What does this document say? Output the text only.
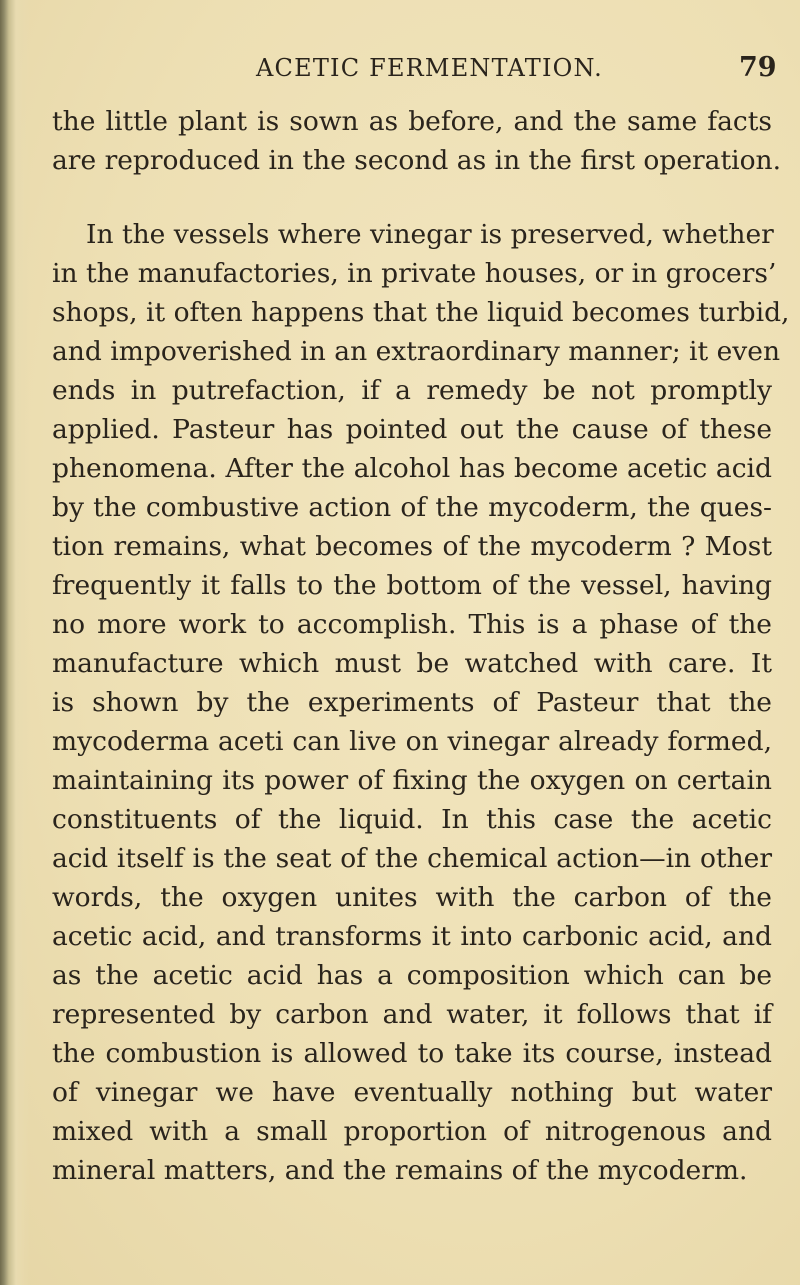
ACETIC FERMENTATION.	79
the little plant is sown as before, and the same facts
are reproduced in the second as in the first operation.
In the vessels where vinegar is preserved, whether
in the manufactories, in private houses, or in grocers’
shops, it often happens that the liquid becomes turbid,
and impoverished in an extraordinary manner; it even
ends in putrefaction, if a remedy be not promptly
applied. Pasteur has pointed out the cause of these
phenomena. After the alcohol has become acetic acid
by the combustive action of the mycoderm, the ques-
tion remains, what becomes of the mycoderm ? Most
frequently it falls to the bottom of the vessel, having
no more work to accomplish. This is a phase of the
manufacture which must be watched with care. It
is shown by the experiments of Pasteur that the
mycoderma aceti can live on vinegar already formed,
maintaining its power of fixing the oxygen on certain
constituents of the liquid. In this case the acetic
acid itself is the seat of the chemical action—in other
words, the oxygen unites with the carbon of the
acetic acid, and transforms it into carbonic acid, and
as the acetic acid has a composition which can be
represented by carbon and water, it follows that if
the combustion is allowed to take its course, instead
of vinegar we have eventually nothing but water
mixed with a small proportion of nitrogenous and
mineral matters, and the remains of the mycoderm.
